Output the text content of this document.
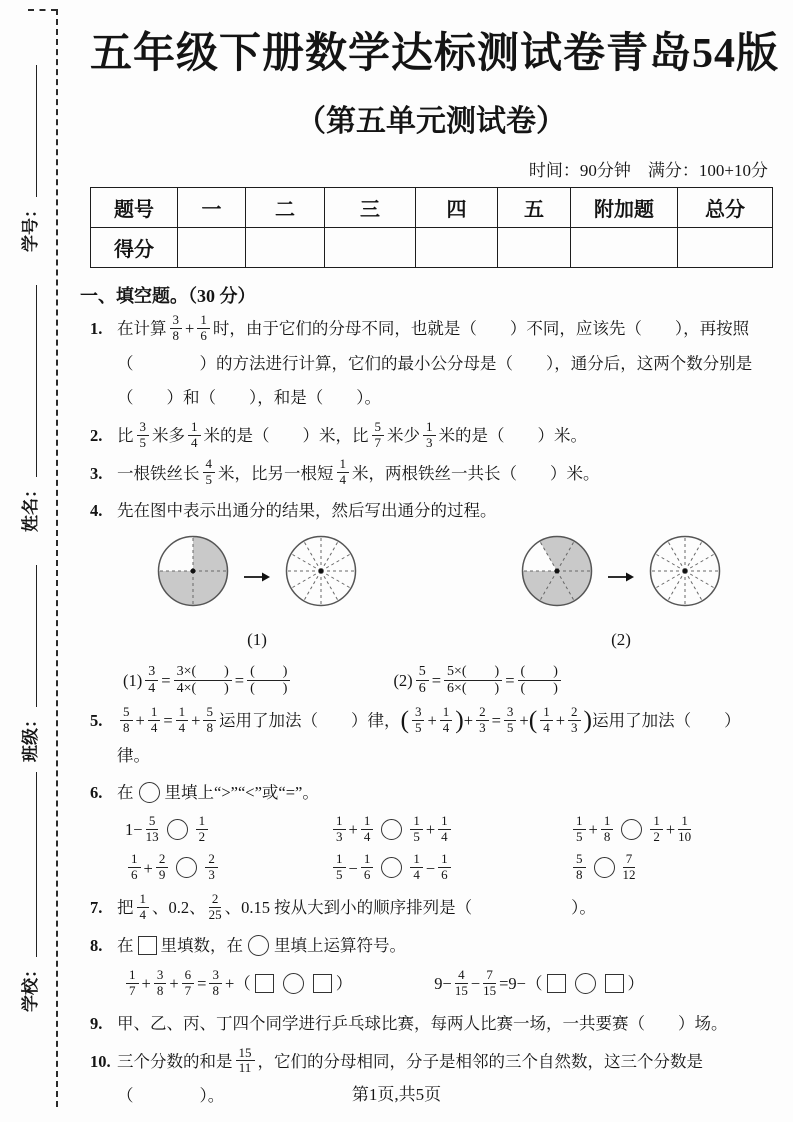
学号：
姓名：
班级：
学校：
五年级下册数学达标测试卷青岛54版
（第五单元测试卷）
时间：90分钟　满分：100+10分
题号	一	二	三	四	五	附加题	总分
得分							
一、填空题。（30 分）
1. 在计算 $\frac{3}{8} + \frac{1}{6}$ 时，由于它们的分母不同，也就是（　　）不同，应该先（　　），再按照（　　　　）的方法进行计算，它们的最小公分母是（　　），通分后，这两个数分别是（　　）和（　　），和是（　　）。
2. 比 $\frac{3}{5}$ 米多 $\frac{1}{4}$ 米的是（　　）米，比 $\frac{5}{7}$ 米少 $\frac{1}{3}$ 米的是（　　）米。
3. 一根铁丝长 $\frac{4}{5}$ 米，比另一根短 $\frac{1}{4}$ 米，两根铁丝一共长（　　）米。
4. 先在图中表示出通分的结果，然后写出通分的过程。
(1)	(2)
$(1) \frac{3}{4} = \frac{3\times( )}{4\times( )} = \frac{( )}{( )}$	$(2) \frac{5}{6} = \frac{5\times( )}{6\times( )} = \frac{( )}{( )}$
5.	$\frac{5}{8} + \frac{1}{4} = \frac{1}{4} + \frac{5}{8}$ 运用了加法（　　）律，( $\frac{3}{5} + \frac{1}{4}$ )+ $\frac{2}{3} = \frac{3}{5}$ +( $\frac{1}{4} + \frac{2}{3}$ )运用了加法（　　）律。
6. 在 里填上“>”“<”或“=”。
$1- \frac{5}{13}$	$\frac{1}{2}$	$\frac{1}{3} + \frac{1}{4}$	$\frac{1}{5} + \frac{1}{4}$	$\frac{1}{5} + \frac{1}{8}$	$\frac{1}{2} + \frac{1}{10}$
$\frac{1}{6} + \frac{2}{9}$	$\frac{2}{3}$	$\frac{1}{5} - \frac{1}{6}$	$\frac{1}{4} - \frac{1}{6}$	$\frac{5}{8}$	$\frac{7}{12}$
7. 把 $\frac{1}{4}$ 、0.2、 $\frac{2}{25}$ 、0.15 按从大到小的顺序排列是（　　　　　　）。
8. 在 里填数，在 里填上运算符号。
$\frac{1}{7} + \frac{3}{8} + \frac{6}{7} = \frac{3}{8}$ +（	）	$9- \frac{4}{15} - \frac{7}{15} =9-$（	）
9. 甲、乙、丙、丁四个同学进行乒乓球比赛，每两人比赛一场，一共要赛（　　）场。
10. 三个分数的和是 $\frac{15}{11}$ ，它们的分母相同，分子是相邻的三个自然数，这三个分数是（　　　　）。	第1页,共5页
